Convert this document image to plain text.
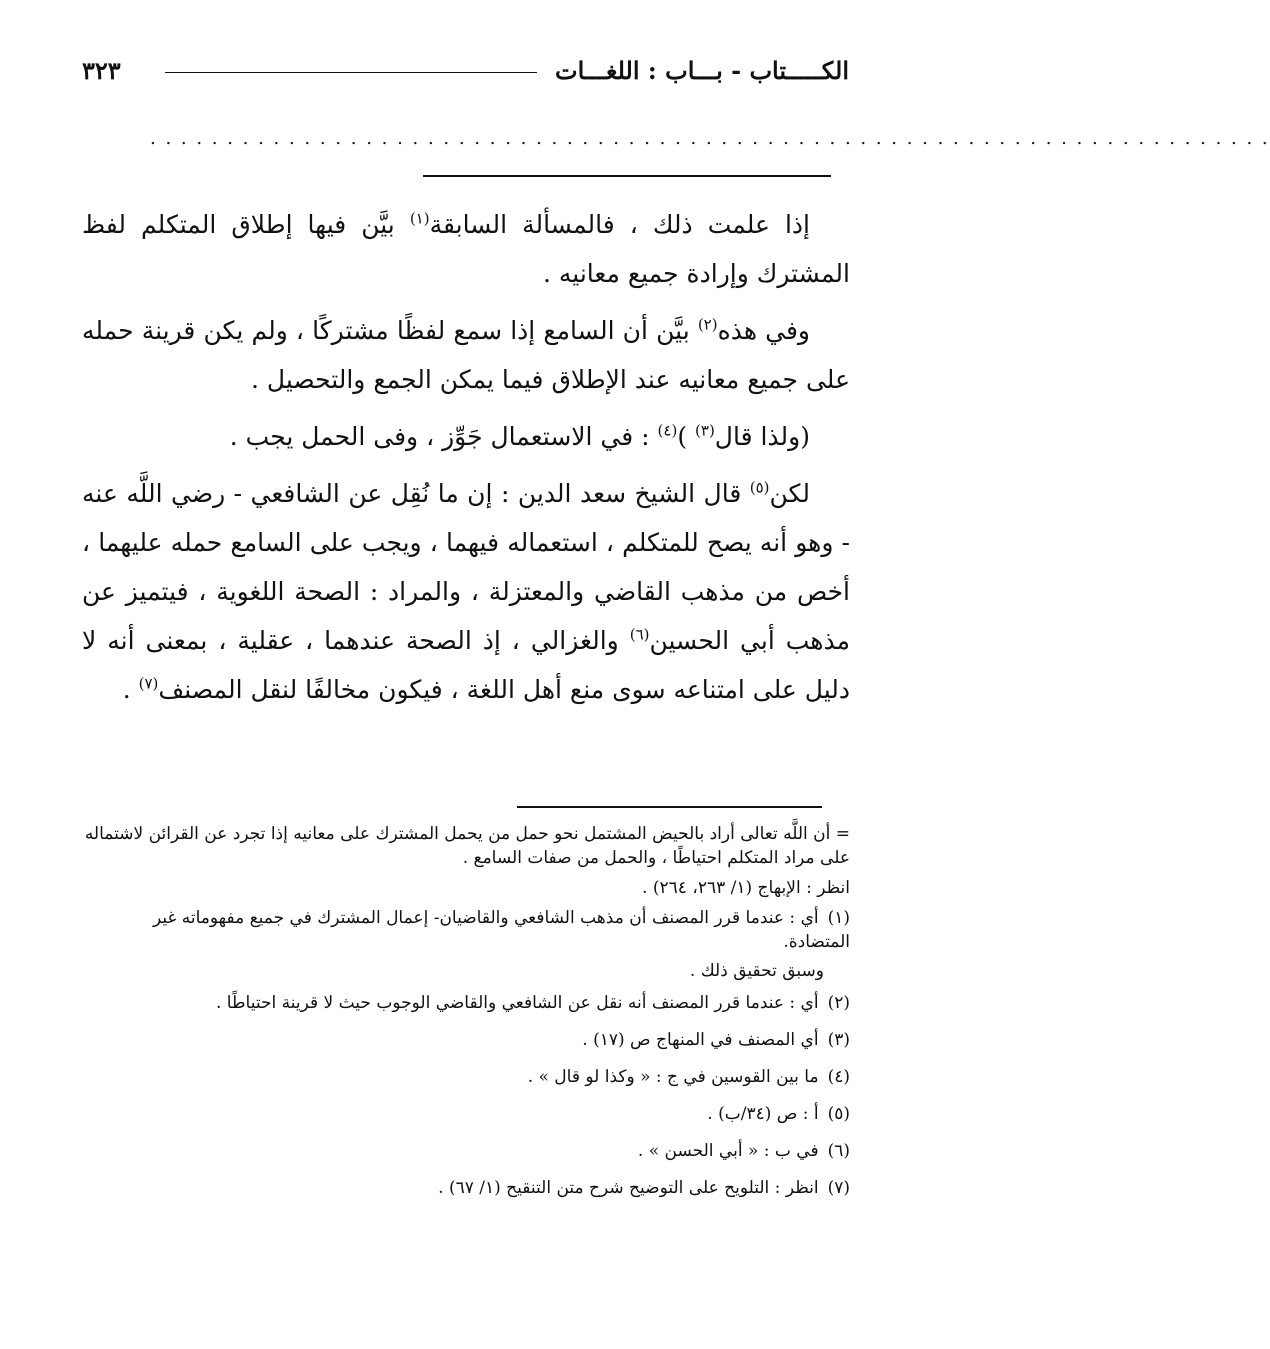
الكـــــتاب - بـــاب : اللغـــات
٣٢٣
. . . . . . . . . . . . . . . . . . . . . . . . . . . . . . . . . . . . . . . . . . . . . . . . . . . . . . . . . . . . . . . . . . . . . . . . .

إذا علمت ذلك ، فالمسألة السابقة$^{(١)}$ بيَّن فيها إطلاق المتكلم لفظ المشترك وإرادة جميع معانيه .

وفي هذه$^{(٢)}$ بيَّن أن السامع إذا سمع لفظًا مشتركًا ، ولم يكن قرينة حمله على جميع معانيه عند الإطلاق فيما يمكن الجمع والتحصيل .

(ولذا قال$^{(٣)}$ )$^{(٤)}$ : في الاستعمال جَوِّز ، وفى الحمل يجب .

لكن$^{(٥)}$ قال الشيخ سعد الدين : إن ما نُقِل عن الشافعي - رضي اللَّه عنه - وهو أنه يصح للمتكلم ، استعماله فيهما ، ويجب على السامع حمله عليهما ، أخص من مذهب القاضي والمعتزلة ، والمراد : الصحة اللغوية ، فيتميز عن مذهب أبي الحسين$^{(٦)}$ والغزالي ، إذ الصحة عندهما ، عقلية ، بمعنى أنه لا دليل على امتناعه سوى منع أهل اللغة ، فيكون مخالفًا لنقل المصنف$^{(٧)}$ .

= أن اللَّه تعالى أراد بالحيض المشتمل نحو حمل من يحمل المشترك على معانيه إذا تجرد عن القرائن لاشتماله على مراد المتكلم احتياطًا ، والحمل من صفات السامع .
انظر : الإبهاج (١/ ٢٦٣، ٢٦٤) .
(١) أي : عندما قرر المصنف أن مذهب الشافعي والقاضيان- إعمال المشترك في جميع مفهوماته غير المتضادة.
وسبق تحقيق ذلك .
(٢) أي : عندما قرر المصنف أنه نقل عن الشافعي والقاضي الوجوب حيث لا قرينة احتياطًا .
(٣) أي المصنف في المنهاج ص (١٧) .
(٤) ما بين القوسين في ج : « وكذا لو قال » .
(٥) أ : ص (٣٤/ب) .
(٦) في ب : « أبي الحسن » .
(٧) انظر : التلويح على التوضيح شرح متن التنقيح (١/ ٦٧) .
